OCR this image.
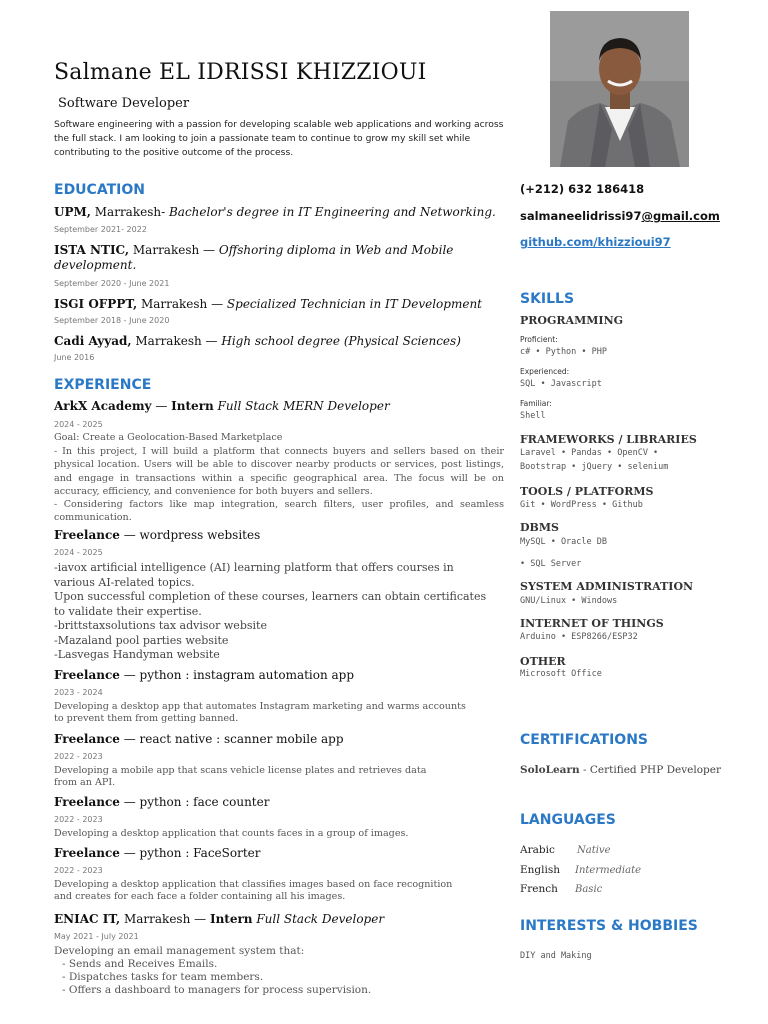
Salmane EL IDRISSI KHIZZIOUI
Software Developer
Software engineering with a passion for developing scalable web applications and working across the full stack. I am looking to join a passionate team to continue to grow my skill set while contributing to the positive outcome of the process.
EDUCATION
UPM, Marrakesh- Bachelor's degree in IT Engineering and Networking.
September 2021- 2022
ISTA NTIC, Marrakesh — Offshoring diploma in Web and Mobile development.
September 2020 - June 2021
ISGI OFPPT, Marrakesh — Specialized Technician in IT Development
September 2018 - June 2020
Cadi Ayyad, Marrakesh — High school degree (Physical Sciences)
June 2016
EXPERIENCE
ArkX Academy — Intern Full Stack MERN Developer
2024 - 2025
Goal: Create a Geolocation-Based Marketplace
- In this project, I will build a platform that connects buyers and sellers based on their physical location. Users will be able to discover nearby products or services, post listings, and engage in transactions within a specific geographical area. The focus will be on accuracy, efficiency, and convenience for both buyers and sellers.
- Considering factors like map integration, search filters, user profiles, and seamless communication.
Freelance — wordpress websites
2024 - 2025
-iavox artificial intelligence (AI) learning platform that offers courses in
various AI-related topics.
Upon successful completion of these courses, learners can obtain certificates
to validate their expertise.
-brittstaxsolutions tax advisor website
-Mazaland pool parties website
-Lasvegas Handyman website
Freelance — python : instagram automation app
2023 - 2024
Developing a desktop app that automates Instagram marketing and warms accounts
to prevent them from getting banned.
Freelance — react native : scanner mobile app
2022 - 2023
Developing a mobile app that scans vehicle license plates and retrieves data
from an API.
Freelance — python : face counter
2022 - 2023
Developing a desktop application that counts faces in a group of images.
Freelance — python : FaceSorter
2022 - 2023
Developing a desktop application that classifies images based on face recognition
and creates for each face a folder containing all his images.
ENIAC IT, Marrakesh — Intern Full Stack Developer
May 2021 - July 2021
Developing an email management system that:
- Sends and Receives Emails.
- Dispatches tasks for team members.
- Offers a dashboard to managers for process supervision.
(+212) 632 186418
salmaneelidrissi97@gmail.com
github.com/khizzioui97
SKILLS
PROGRAMMING
Proficient:
c# • Python • PHP
Experienced:
SQL • Javascript
Familiar:
Shell
FRAMEWORKS / LIBRARIES
Laravel • Pandas • OpenCV •
Bootstrap • jQuery • selenium
TOOLS / PLATFORMS
Git • WordPress • Github
DBMS
MySQL • Oracle DB
• SQL Server
SYSTEM ADMINISTRATION
GNU/Linux • Windows
INTERNET OF THINGS
Arduino • ESP8266/ESP32
OTHER
Microsoft Office
CERTIFICATIONS
SoloLearn - Certified PHP Developer
LANGUAGES
Arabic Native
English Intermediate
French Basic
INTERESTS & HOBBIES
DIY and Making
